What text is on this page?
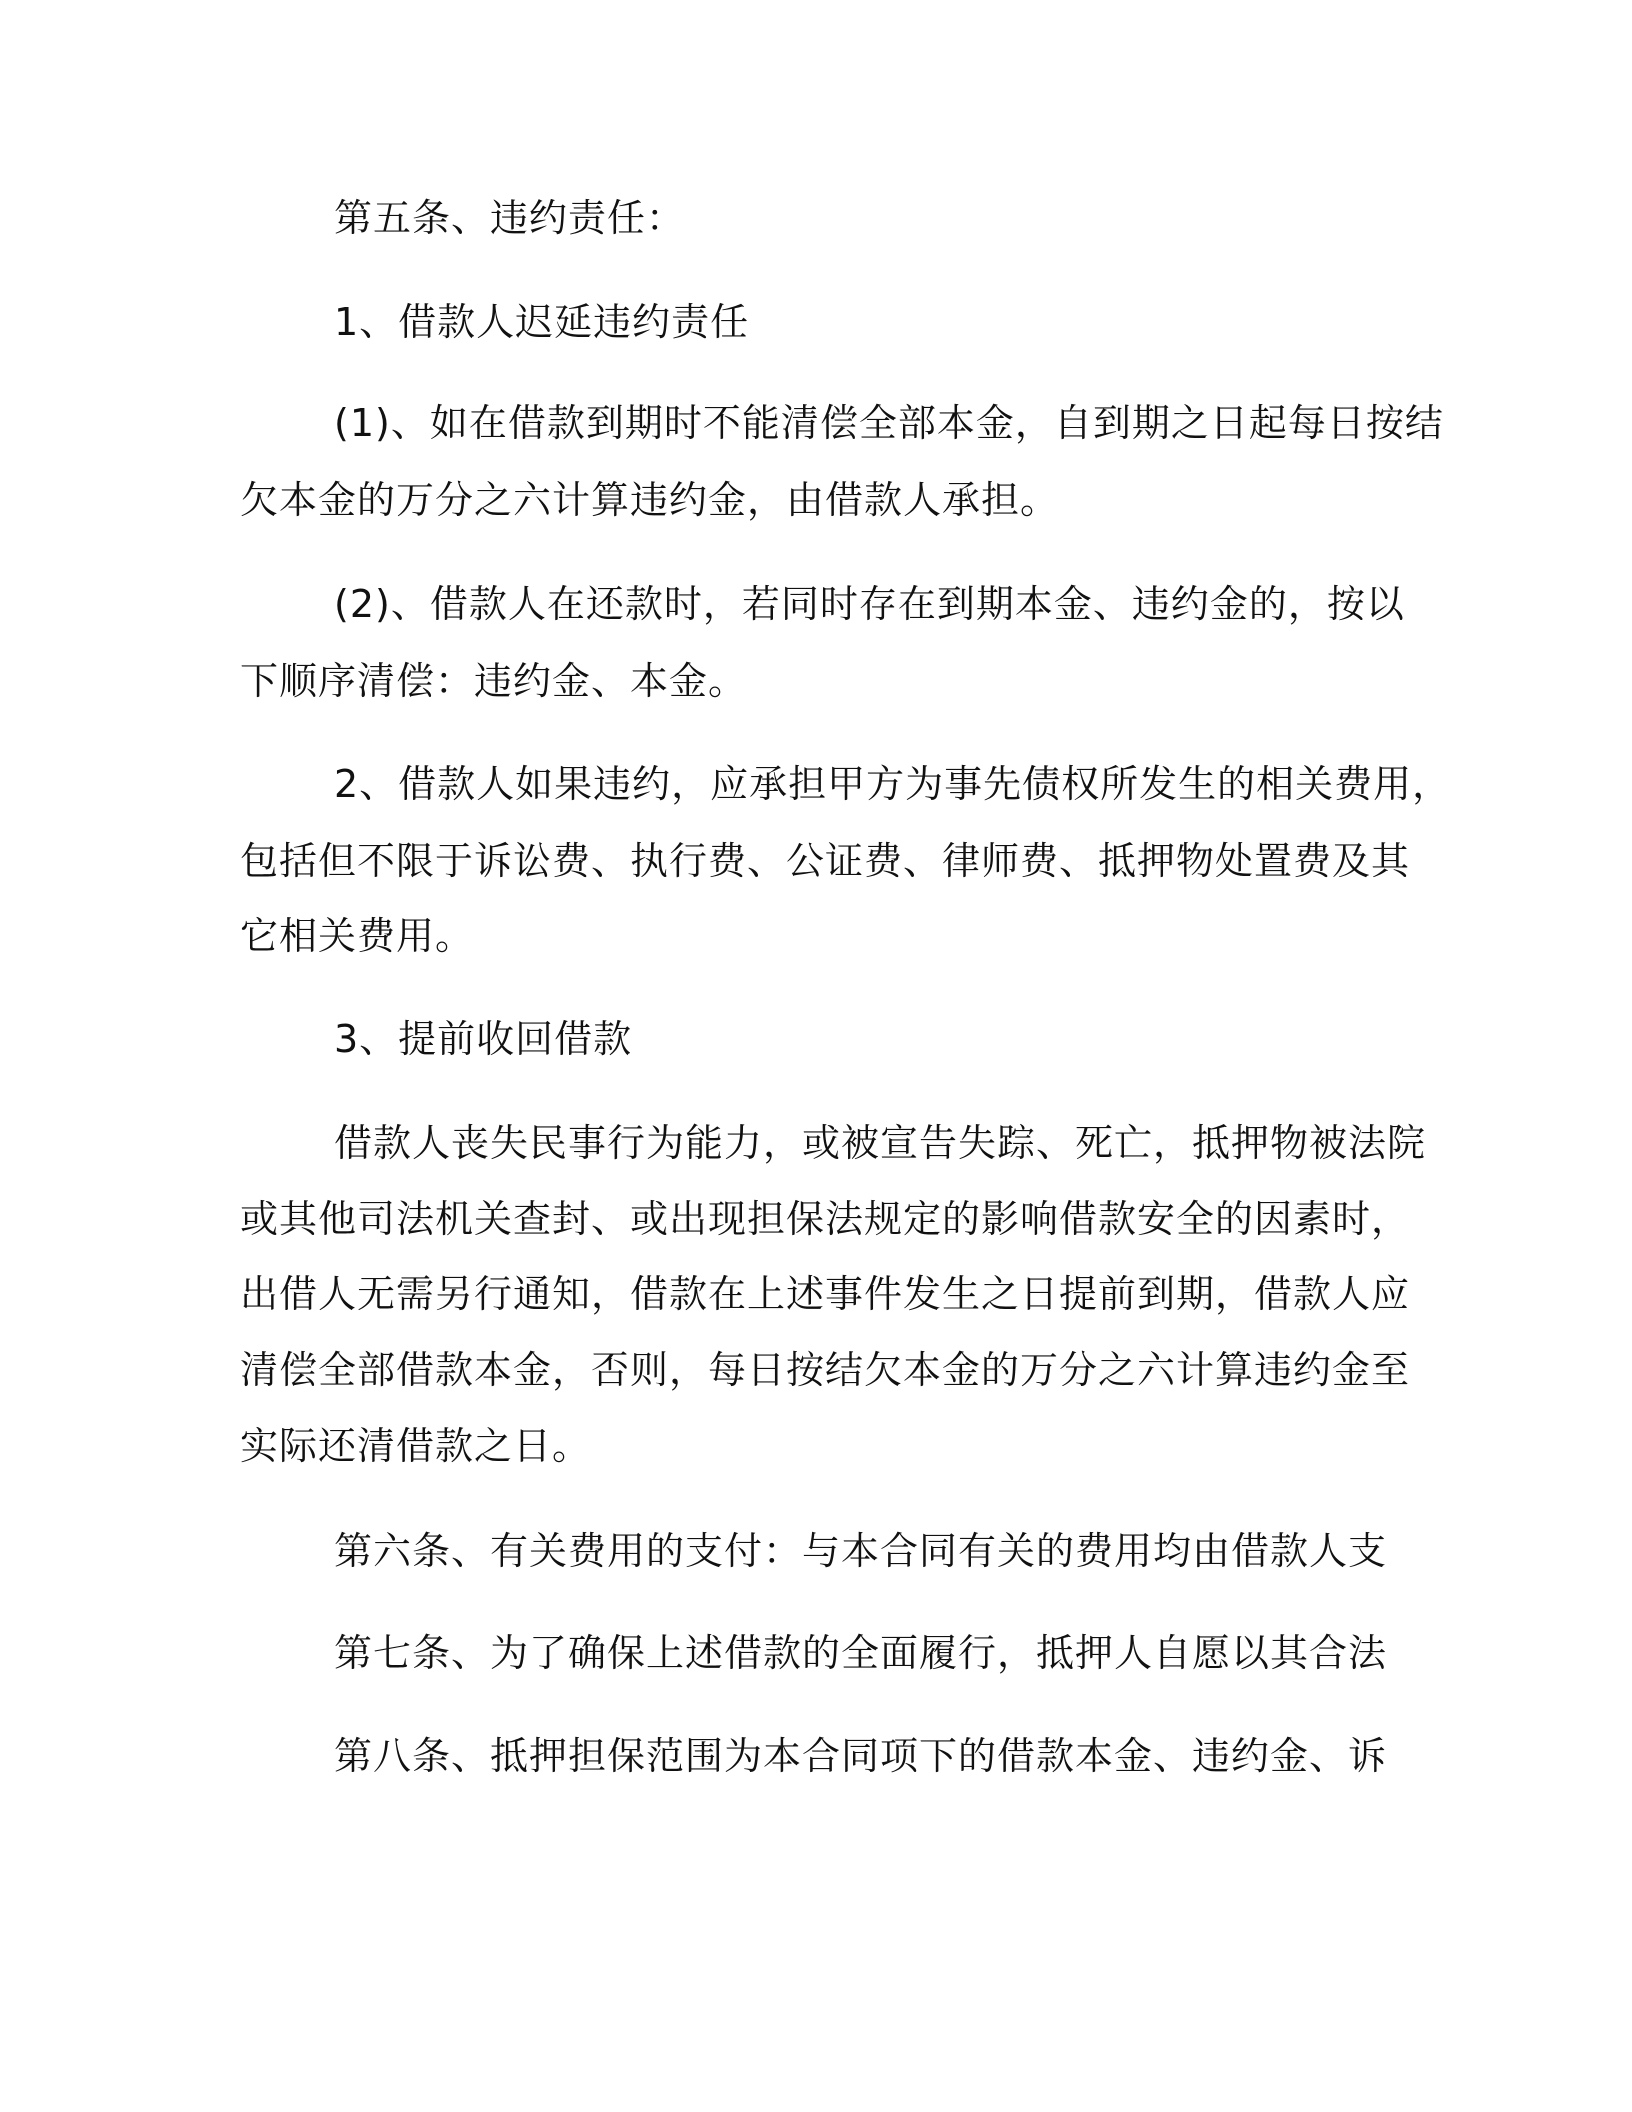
第五条、违约责任：
1、借款人迟延违约责任
(1)、如在借款到期时不能清偿全部本金，自到期之日起每日按结
欠本金的万分之六计算违约金，由借款人承担。
(2)、借款人在还款时，若同时存在到期本金、违约金的，按以
下顺序清偿：违约金、本金。
2、借款人如果违约，应承担甲方为事先债权所发生的相关费用，
包括但不限于诉讼费、执行费、公证费、律师费、抵押物处置费及其
它相关费用。
3、提前收回借款
借款人丧失民事行为能力，或被宣告失踪、死亡，抵押物被法院
或其他司法机关查封、或出现担保法规定的影响借款安全的因素时，
出借人无需另行通知，借款在上述事件发生之日提前到期，借款人应
清偿全部借款本金，否则，每日按结欠本金的万分之六计算违约金至
实际还清借款之日。
第六条、有关费用的支付：与本合同有关的费用均由借款人支
第七条、为了确保上述借款的全面履行，抵押人自愿以其合法
第八条、抵押担保范围为本合同项下的借款本金、违约金、诉
